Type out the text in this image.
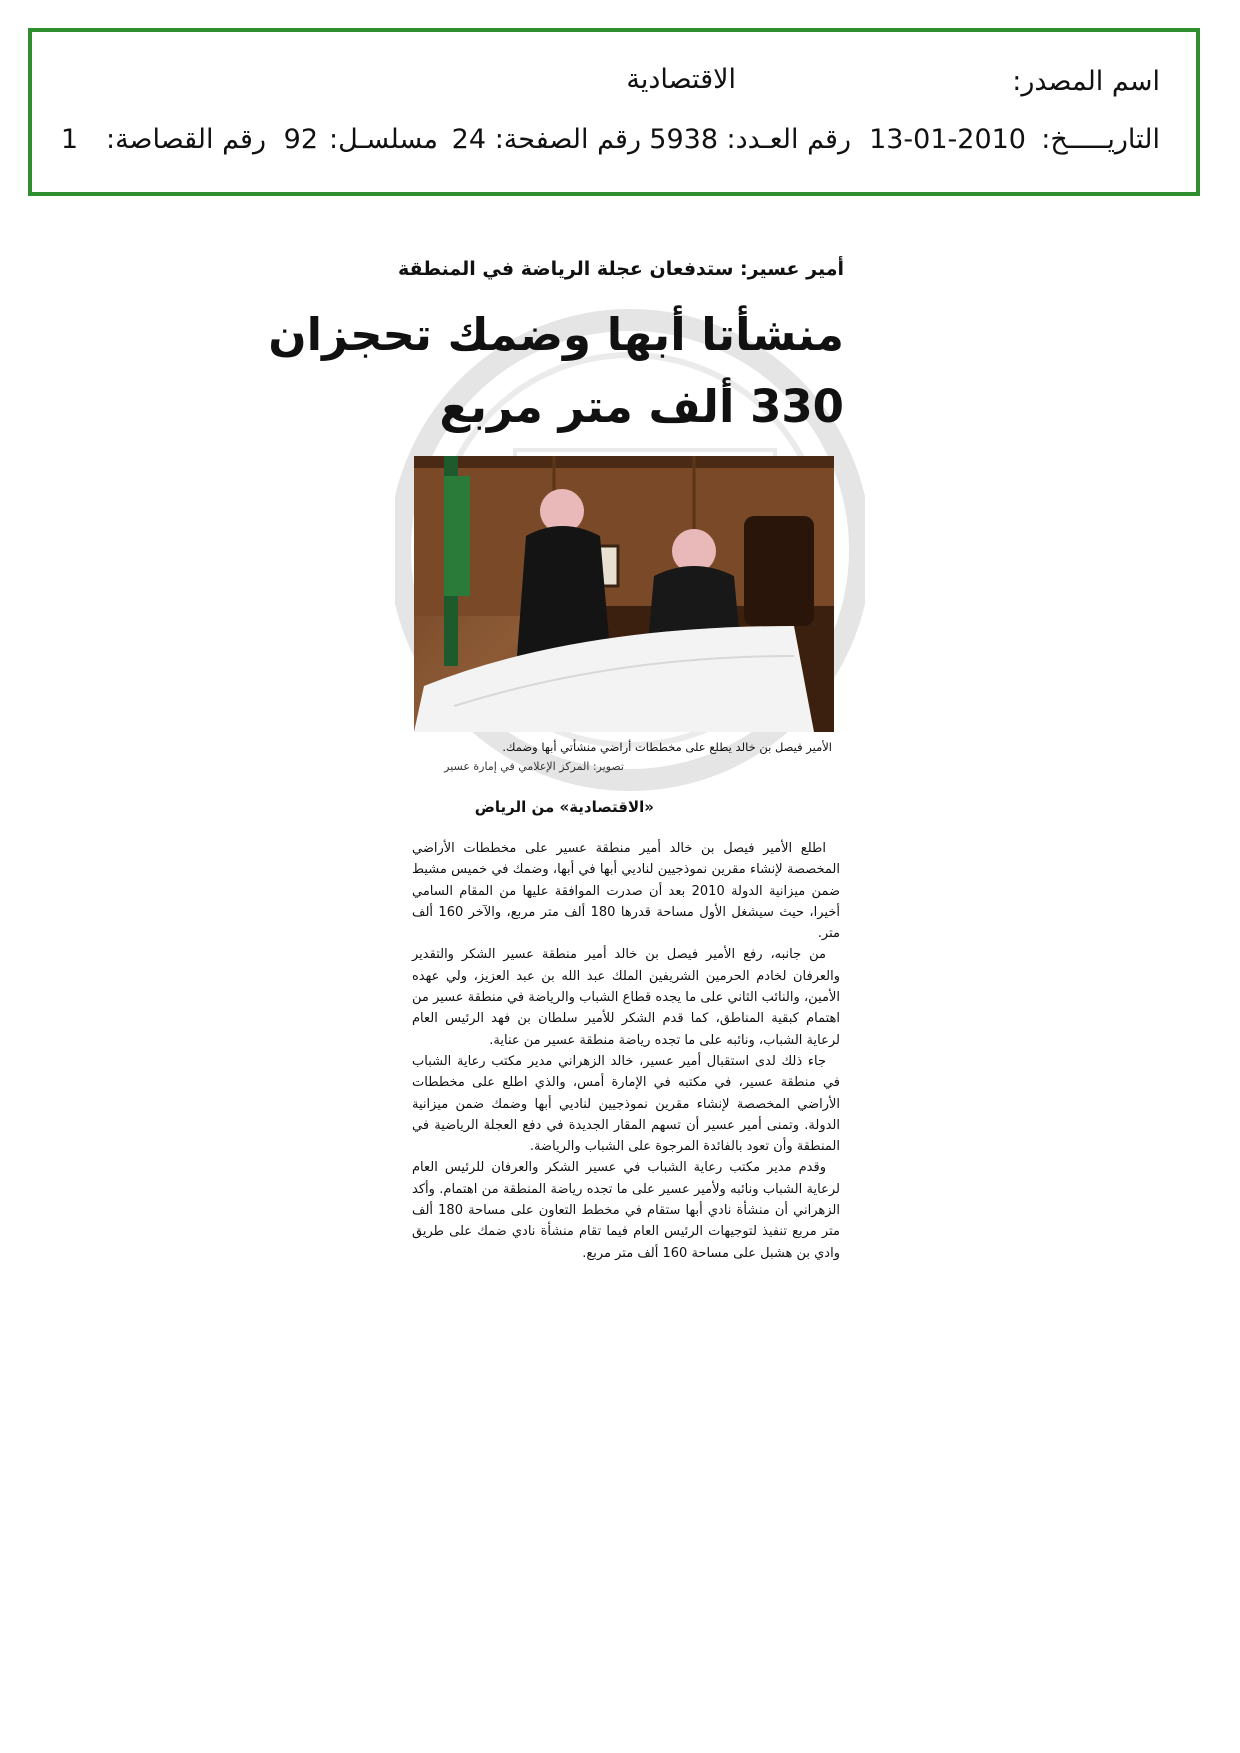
اسم المصدر:
الاقتصادية
التاريـــــخ:
13-01-2010
رقم العـدد:
5938
رقم الصفحة:
24
مسلسـل:
92
رقم القصاصة:
1
أمير عسير: ستدفعان عجلة الرياضة في المنطقة
منشأتا أبها وضمك تحجزان
330 ألف متر مربع
الأمير فيصل بن خالد يطلع على مخططات أراضي منشأتي أبها وضمك.
تصوير: المركز الإعلامي في إمارة عسير
«الاقتصادية» من الرياض

اطلع الأمير فيصل بن خالد أمير منطقة عسير على مخططات الأراضي المخصصة لإنشاء مقرين نموذجيين لناديي أبها في أبها، وضمك في خميس مشيط ضمن ميزانية الدولة 2010 بعد أن صدرت الموافقة عليها من المقام السامي أخيرا، حيث سيشغل الأول مساحة قدرها 180 ألف متر مربع، والآخر 160 ألف متر.

من جانبه، رفع الأمير فيصل بن خالد أمير منطقة عسير الشكر والتقدير والعرفان لخادم الحرمين الشريفين الملك عبد الله بن عبد العزيز، ولي عهده الأمين، والنائب الثاني على ما يجده قطاع الشباب والرياضة في منطقة عسير من اهتمام كبقية المناطق، كما قدم الشكر للأمير سلطان بن فهد الرئيس العام لرعاية الشباب، ونائبه على ما تجده رياضة منطقة عسير من عناية.

جاء ذلك لدى استقبال أمير عسير، خالد الزهراني مدير مكتب رعاية الشباب في منطقة عسير، في مكتبه في الإمارة أمس، والذي اطلع على مخططات الأراضي المخصصة لإنشاء مقرين نموذجيين لناديي أبها وضمك ضمن ميزانية الدولة. وتمنى أمير عسير أن تسهم المقار الجديدة في دفع العجلة الرياضية في المنطقة وأن تعود بالفائدة المرجوة على الشباب والرياضة.

وقدم مدير مكتب رعاية الشباب في عسير الشكر والعرفان للرئيس العام لرعاية الشباب ونائبه ولأمير عسير على ما تجده رياضة المنطقة من اهتمام. وأكد الزهراني أن منشأة نادي أبها ستقام في مخطط التعاون على مساحة 180 ألف متر مربع تنفيذ لتوجيهات الرئيس العام فيما تقام منشأة نادي ضمك على طريق وادي بن هشبل على مساحة 160 ألف متر مربع.
